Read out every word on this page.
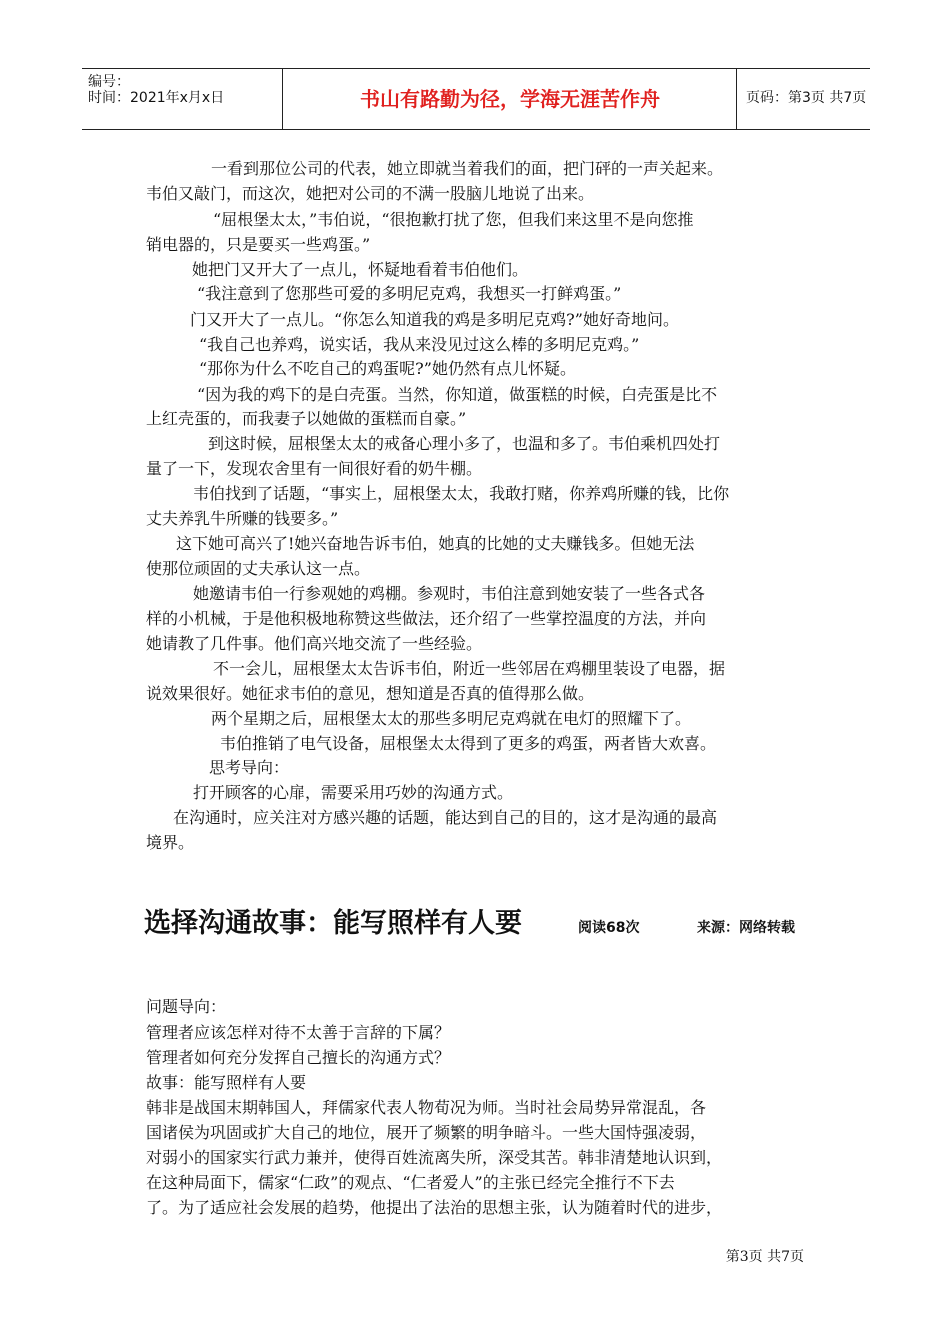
编号：
时间：2021年x月x日	书山有路勤为径，学海无涯苦作舟	页码：第3页 共7页
一看到那位公司的代表，她立即就当着我们的面，把门砰的一声关起来。
韦伯又敲门，而这次，她把对公司的不满一股脑儿地说了出来。
“屈根堡太太，”韦伯说，“很抱歉打扰了您，但我们来这里不是向您推
销电器的，只是要买一些鸡蛋。”
她把门又开大了一点儿，怀疑地看着韦伯他们。
“我注意到了您那些可爱的多明尼克鸡，我想买一打鲜鸡蛋。”
门又开大了一点儿。“你怎么知道我的鸡是多明尼克鸡?”她好奇地问。
“我自己也养鸡，说实话，我从来没见过这么棒的多明尼克鸡。”
“那你为什么不吃自己的鸡蛋呢?”她仍然有点儿怀疑。
“因为我的鸡下的是白壳蛋。当然，你知道，做蛋糕的时候，白壳蛋是比不
上红壳蛋的，而我妻子以她做的蛋糕而自豪。”
到这时候，屈根堡太太的戒备心理小多了，也温和多了。韦伯乘机四处打
量了一下，发现农舍里有一间很好看的奶牛棚。
韦伯找到了话题，“事实上，屈根堡太太，我敢打赌，你养鸡所赚的钱，比你
丈夫养乳牛所赚的钱要多。”
这下她可高兴了!她兴奋地告诉韦伯，她真的比她的丈夫赚钱多。但她无法
使那位顽固的丈夫承认这一点。
她邀请韦伯一行参观她的鸡棚。参观时，韦伯注意到她安装了一些各式各
样的小机械，于是他积极地称赞这些做法，还介绍了一些掌控温度的方法，并向
她请教了几件事。他们高兴地交流了一些经验。
不一会儿，屈根堡太太告诉韦伯，附近一些邻居在鸡棚里装设了电器，据
说效果很好。她征求韦伯的意见，想知道是否真的值得那么做。
两个星期之后，屈根堡太太的那些多明尼克鸡就在电灯的照耀下了。
韦伯推销了电气设备，屈根堡太太得到了更多的鸡蛋，两者皆大欢喜。
思考导向：
打开顾客的心扉，需要采用巧妙的沟通方式。
在沟通时，应关注对方感兴趣的话题，能达到自己的目的，这才是沟通的最高
境界。
选择沟通故事：能写照样有人要	阅读68次	来源：网络转载
问题导向：
管理者应该怎样对待不太善于言辞的下属？
管理者如何充分发挥自己擅长的沟通方式？
故事：能写照样有人要
韩非是战国末期韩国人，拜儒家代表人物荀况为师。当时社会局势异常混乱，各
国诸侯为巩固或扩大自己的地位，展开了频繁的明争暗斗。一些大国恃强凌弱，
对弱小的国家实行武力兼并，使得百姓流离失所，深受其苦。韩非清楚地认识到，
在这种局面下，儒家“仁政”的观点、“仁者爱人”的主张已经完全推行不下去
了。为了适应社会发展的趋势，他提出了法治的思想主张，认为随着时代的进步，
第3页 共7页
